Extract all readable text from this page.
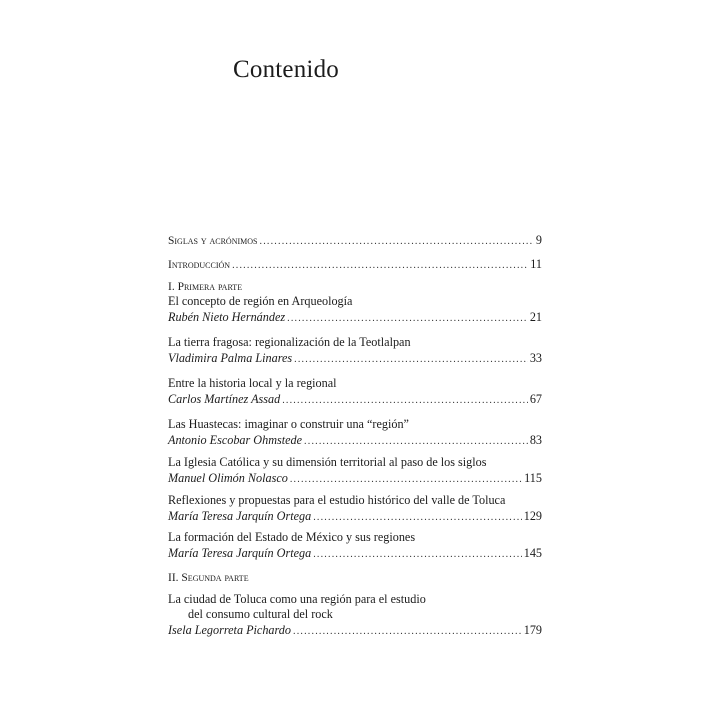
Contenido
Siglas y acrónimos .....	9
Introducción .....	11
I. Primera parte
El concepto de región en Arqueología
Rubén Nieto Hernández .....	21
La tierra fragosa: regionalización de la Teotlalpan
Vladimira Palma Linares .....	33
Entre la historia local y la regional
Carlos Martínez Assad .....	67
Las Huastecas: imaginar o construir una “región”
Antonio Escobar Ohmstede .....	83
La Iglesia Católica y su dimensión territorial al paso de los siglos
Manuel Olimón Nolasco .....	115
Reflexiones y propuestas para el estudio histórico del valle de Toluca
María Teresa Jarquín Ortega .....	129
La formación del Estado de México y sus regiones
María Teresa Jarquín Ortega .....	145
II. Segunda parte
La ciudad de Toluca como una región para el estudio
del consumo cultural del rock
Isela Legorreta Pichardo .....	179
